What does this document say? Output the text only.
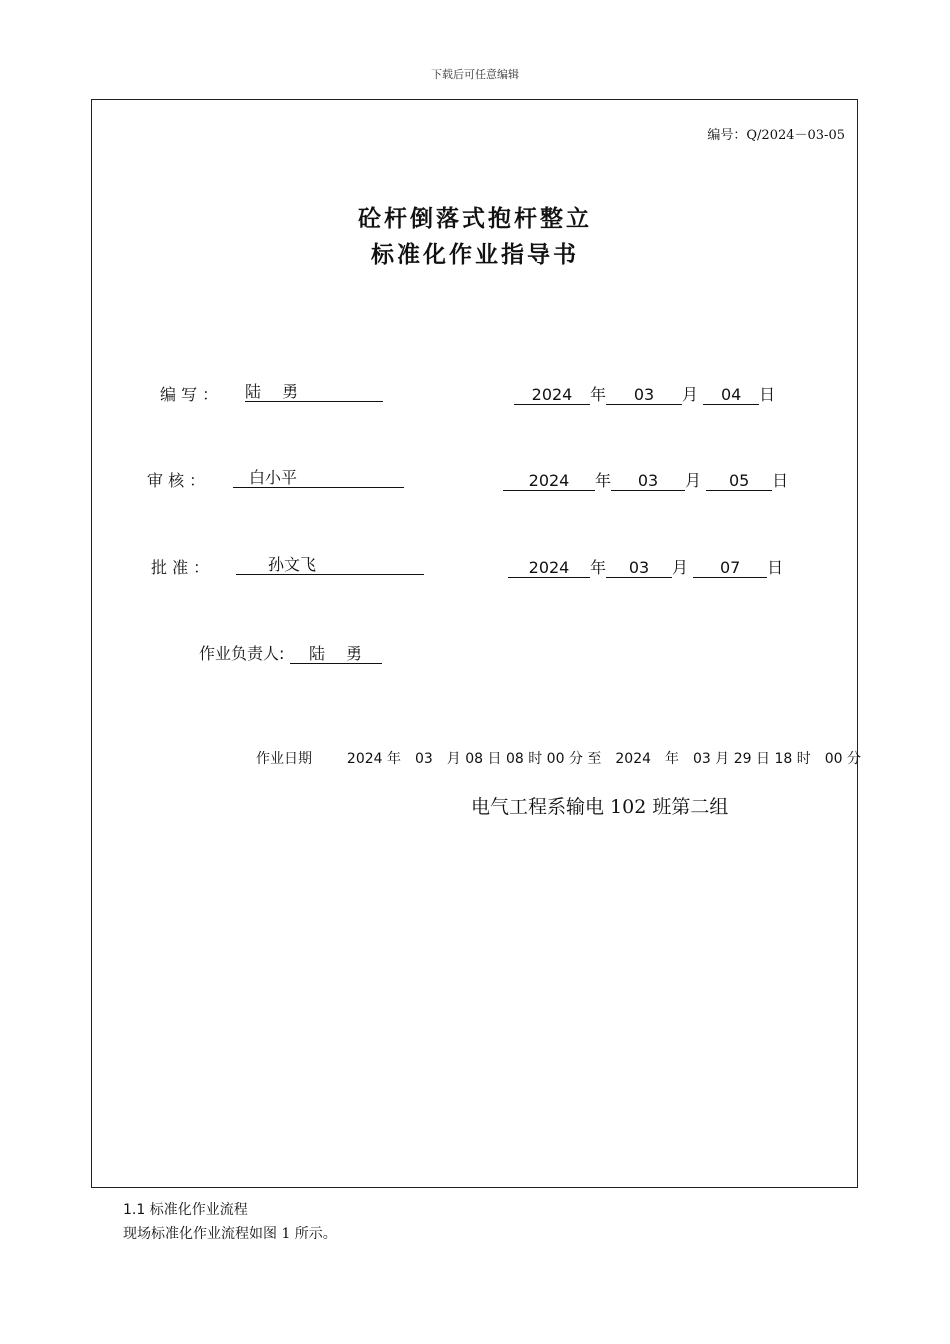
下载后可任意编辑
编号：Q/2024－03-05
砼杆倒落式抱杆整立
标准化作业指导书
编 写 ： 陆　 勇	2024 年 03 月 04 日
审 核 ：	白小平	2024 年 03 月 05 日
批 准 ：	孙文飞	2024 年 03 月 07 日
作业负责人: 陆　 勇
作业日期 2024 年　03　月 08 日 08 时 00 分 至　2024　年　03 月 29 日 18 时　00 分
电气工程系输电 102 班第二组
1.1 标准化作业流程
现场标准化作业流程如图 1 所示。
